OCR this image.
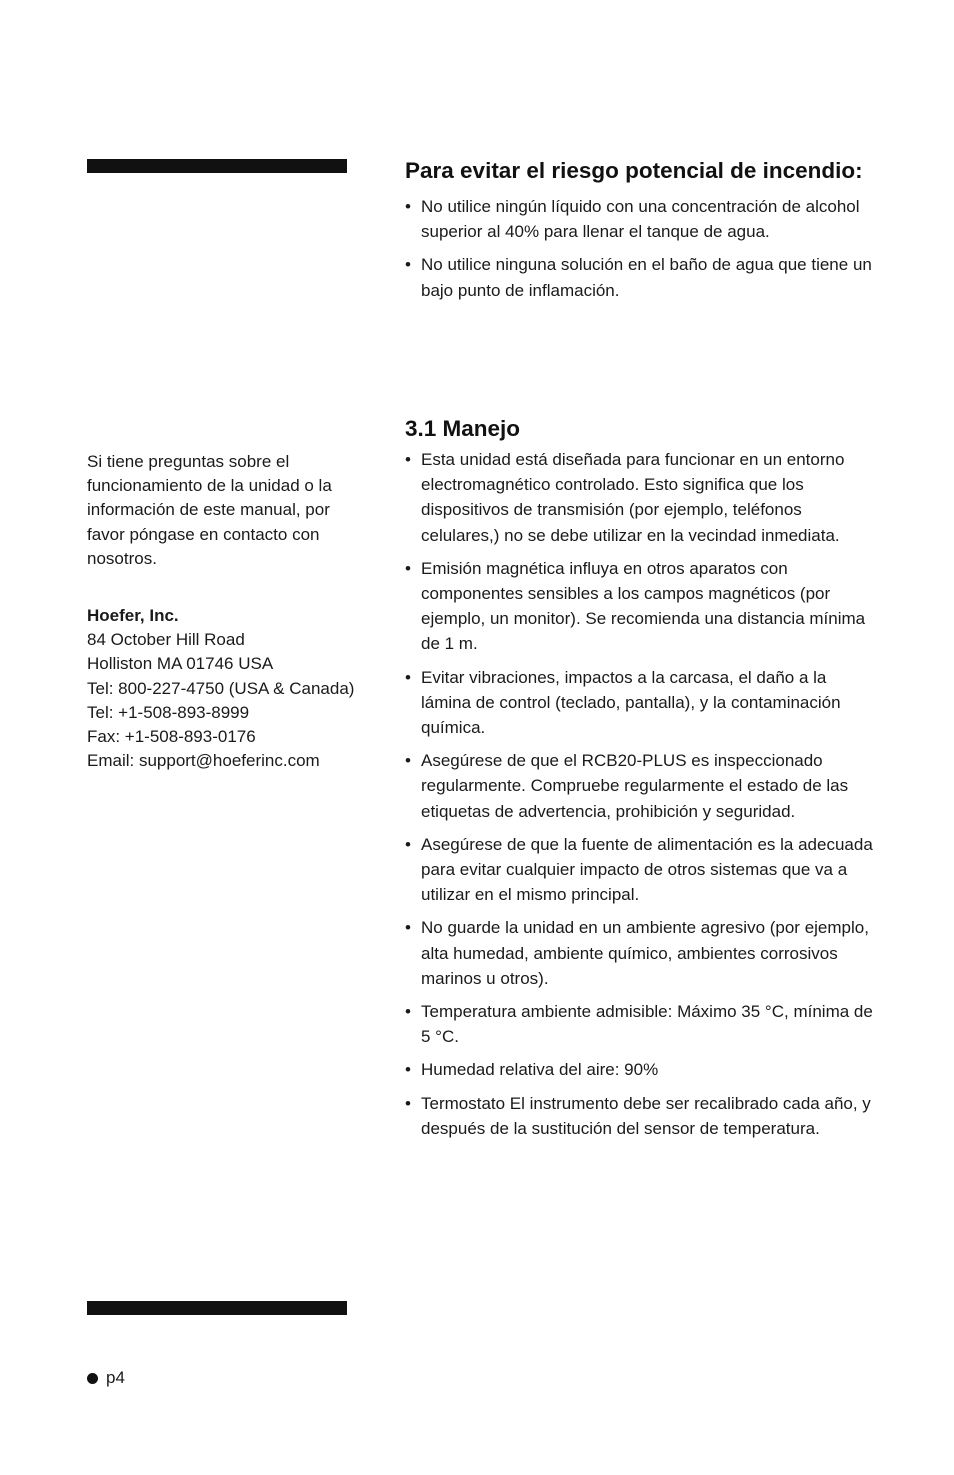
Si tiene preguntas sobre el funcionamiento de la unidad o la información de este manual, por favor póngase en contacto con nosotros.

Hoefer, Inc.

84 October Hill Road

Holliston MA 01746 USA

Tel: 800-227-4750 (USA & Canada)

Tel: +1-508-893-8999

Fax: +1-508-893-0176

Email: support@hoeferinc.com

Para evitar el riesgo potencial de incendio:
• No utilice ningún líquido con una concentración de alcohol superior al 40% para llenar el tanque de agua.
• No utilice ninguna solución en el baño de agua que tiene un bajo punto de inflamación.
3.1 Manejo
• Esta unidad está diseñada para funcionar en un entorno electromagnético controlado. Esto significa que los dispositivos de transmisión (por ejemplo, teléfonos celulares,) no se debe utilizar en la vecindad inmediata.
• Emisión magnética influya en otros aparatos con componentes sensibles a los campos magnéticos (por ejemplo, un monitor). Se recomienda una distancia mínima de 1 m.
• Evitar vibraciones, impactos a la carcasa, el daño a la lámina de control (teclado, pantalla), y la contaminación química.
• Asegúrese de que el RCB20-PLUS es inspeccionado regularmente. Compruebe regularmente el estado de las etiquetas de advertencia, prohibición y seguridad.
• Asegúrese de que la fuente de alimentación es la adecuada para evitar cualquier impacto de otros sistemas que va a utilizar en el mismo principal.
• No guarde la unidad en un ambiente agresivo (por ejemplo, alta humedad, ambiente químico, ambientes corrosivos marinos u otros).
• Temperatura ambiente admisible: Máximo 35 °C, mínima de 5 °C.
• Humedad relativa del aire: 90%
• Termostato El instrumento debe ser recalibrado cada año, y después de la sustitución del sensor de temperatura.
p4
